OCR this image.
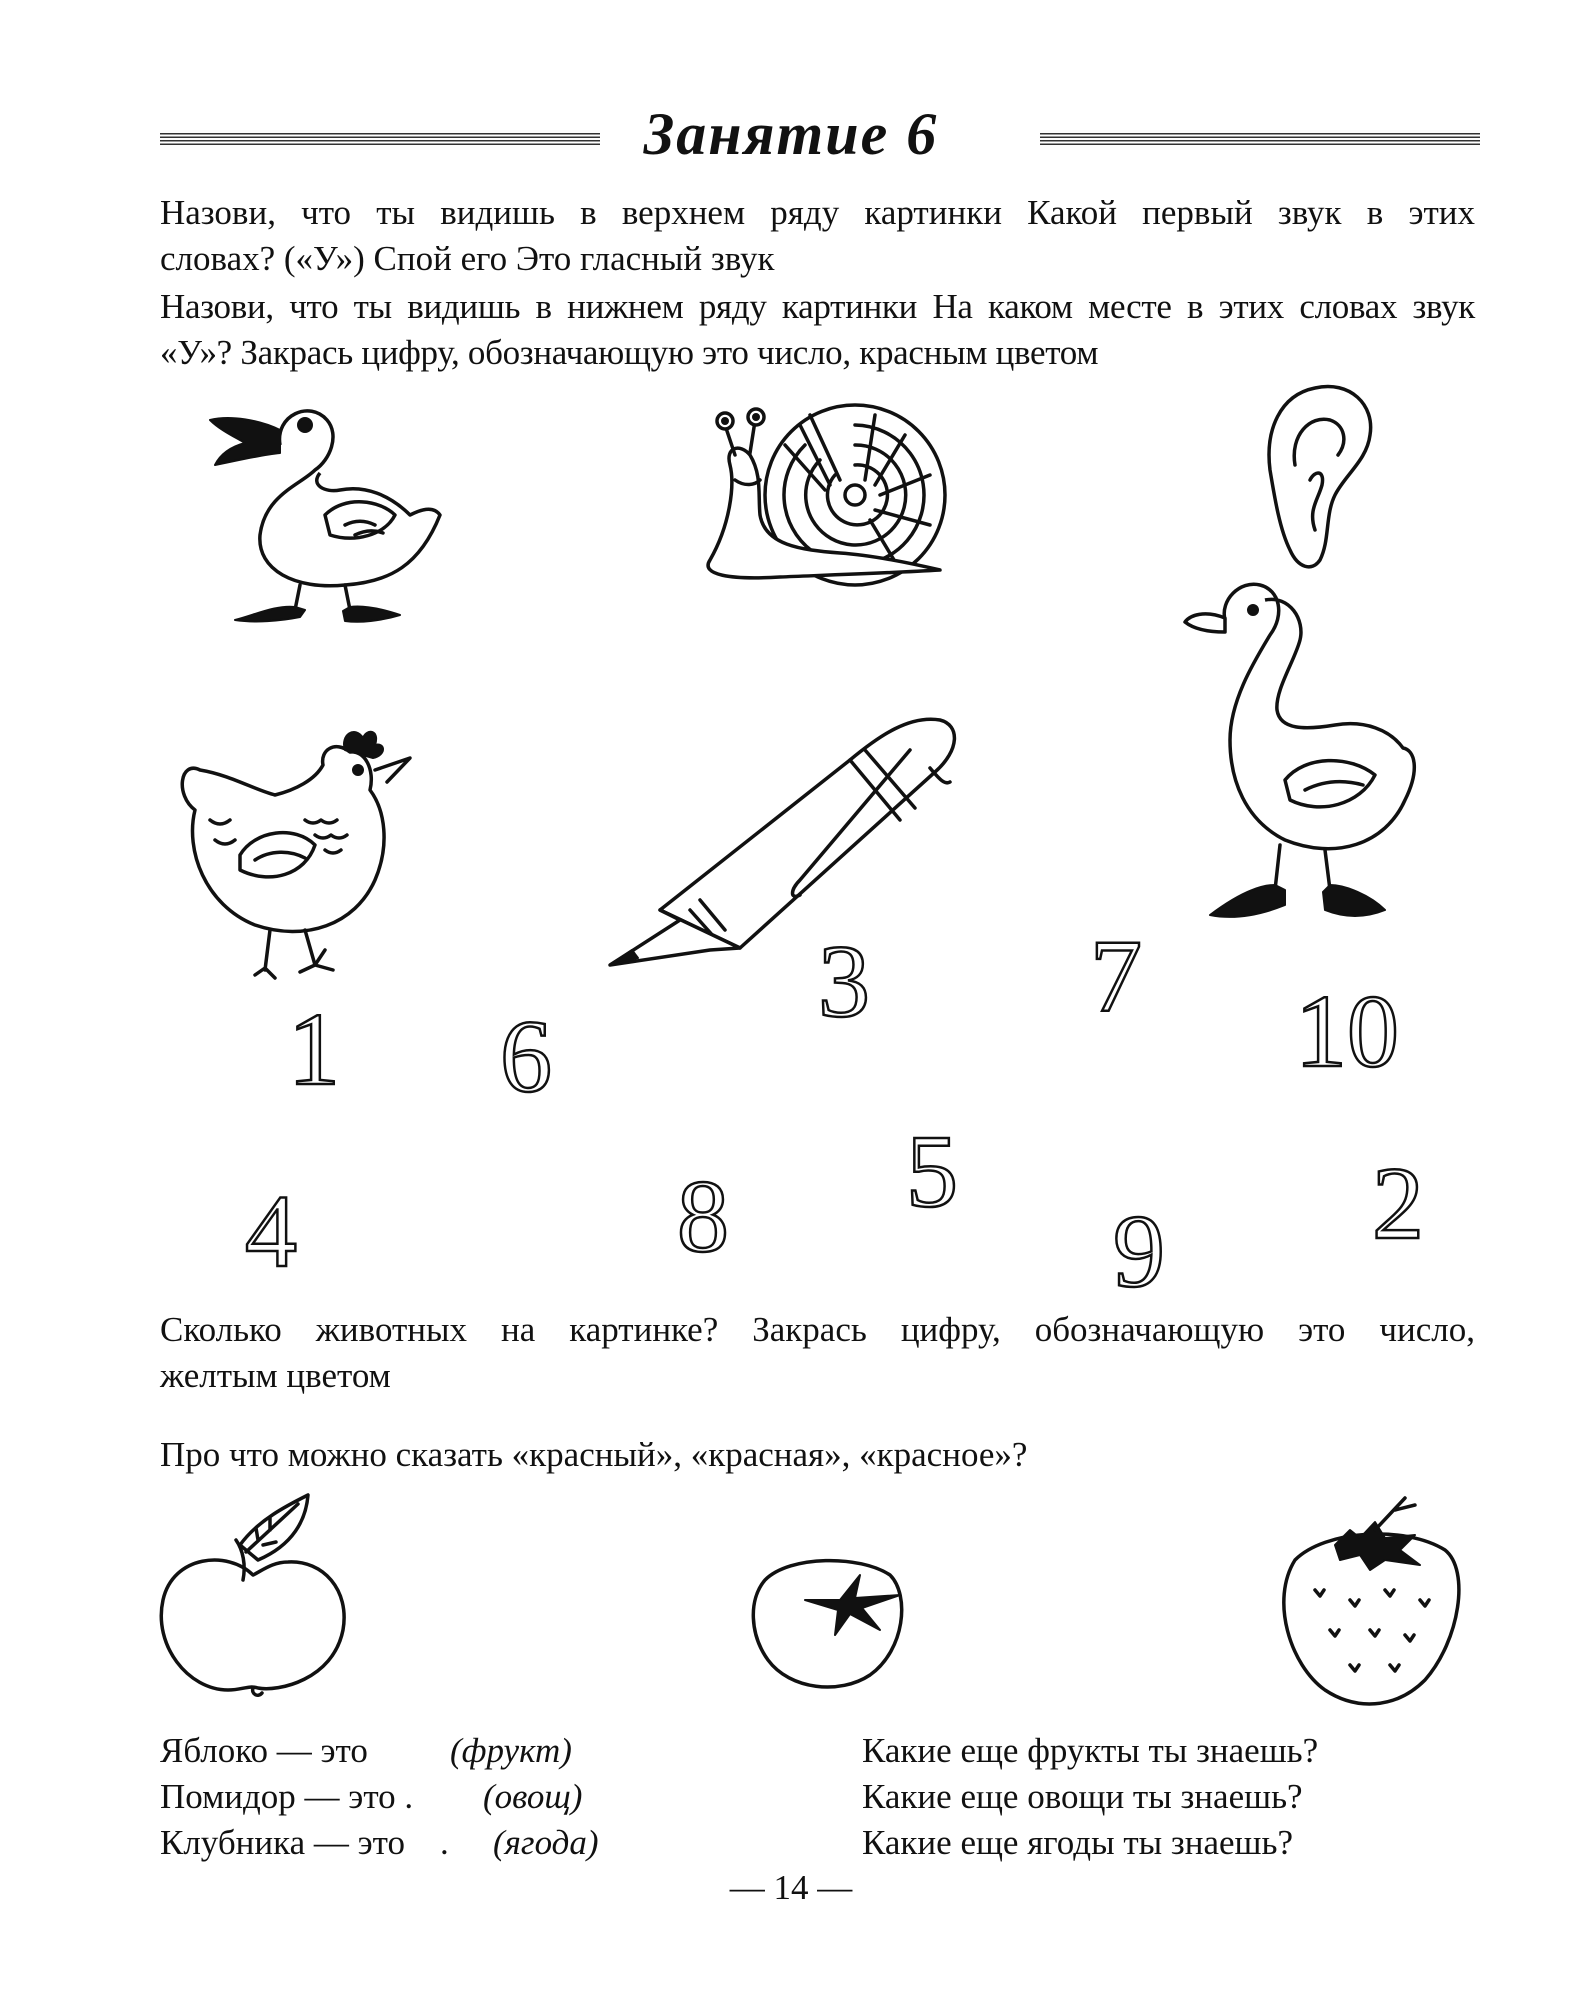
Занятие 6
Назови, что ты видишь в верхнем ряду картинки Какой первый звук в этих
словах? («У») Спой его Это гласный звук
Назови, что ты видишь в нижнем ряду картинки На каком месте в этих словах звук
«У»? Закрась цифру, обозначающую это число, красным цветом
1 6
3 7 10
4	8 5
9 2
Сколько животных на картинке? Закрась цифру, обозначающую это число,
желтым цветом
Про что можно сказать «красный», «красная», «красное»?
Яблоко — это (фрукт)	Какие еще фрукты ты знаешь?
Помидор — это . (овощ)	Какие еще овощи ты знаешь?
Клубника — это    . (ягода)	Какие еще ягоды ты знаешь?
— 14 —
